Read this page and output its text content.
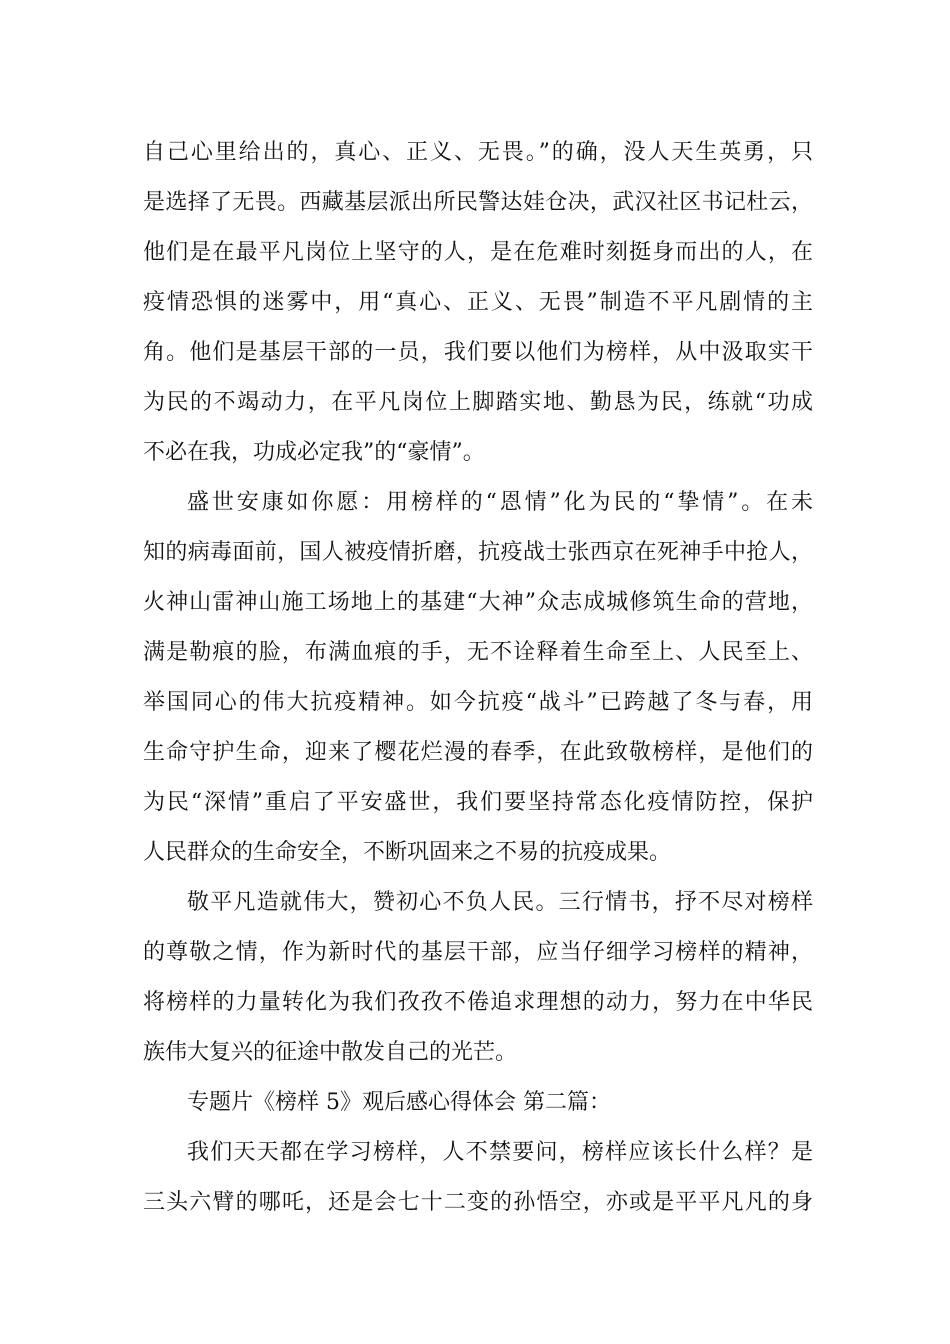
自己心里给出的，真心、正义、无畏。”的确，没人天生英勇，只
是选择了无畏。西藏基层派出所民警达娃仓决，武汉社区书记杜云，
他们是在最平凡岗位上坚守的人，是在危难时刻挺身而出的人，在
疫情恐惧的迷雾中，用“真心、正义、无畏”制造不平凡剧情的主
角。他们是基层干部的一员，我们要以他们为榜样，从中汲取实干
为民的不竭动力，在平凡岗位上脚踏实地、勤恳为民，练就“功成
不必在我，功成必定我”的“豪情”。
盛世安康如你愿：用榜样的“恩情”化为民的“挚情”。在未
知的病毒面前，国人被疫情折磨，抗疫战士张西京在死神手中抢人，
火神山雷神山施工场地上的基建“大神”众志成城修筑生命的营地，
满是勒痕的脸，布满血痕的手，无不诠释着生命至上、人民至上、
举国同心的伟大抗疫精神。如今抗疫“战斗”已跨越了冬与春，用
生命守护生命，迎来了樱花烂漫的春季，在此致敬榜样，是他们的
为民“深情”重启了平安盛世，我们要坚持常态化疫情防控，保护
人民群众的生命安全，不断巩固来之不易的抗疫成果。
敬平凡造就伟大，赞初心不负人民。三行情书，抒不尽对榜样
的尊敬之情，作为新时代的基层干部，应当仔细学习榜样的精神，
将榜样的力量转化为我们孜孜不倦追求理想的动力，努力在中华民
族伟大复兴的征途中散发自己的光芒。
专题片《榜样 5》观后感心得体会 第二篇：
我们天天都在学习榜样，人不禁要问，榜样应该长什么样？是
三头六臂的哪吒，还是会七十二变的孙悟空，亦或是平平凡凡的身
